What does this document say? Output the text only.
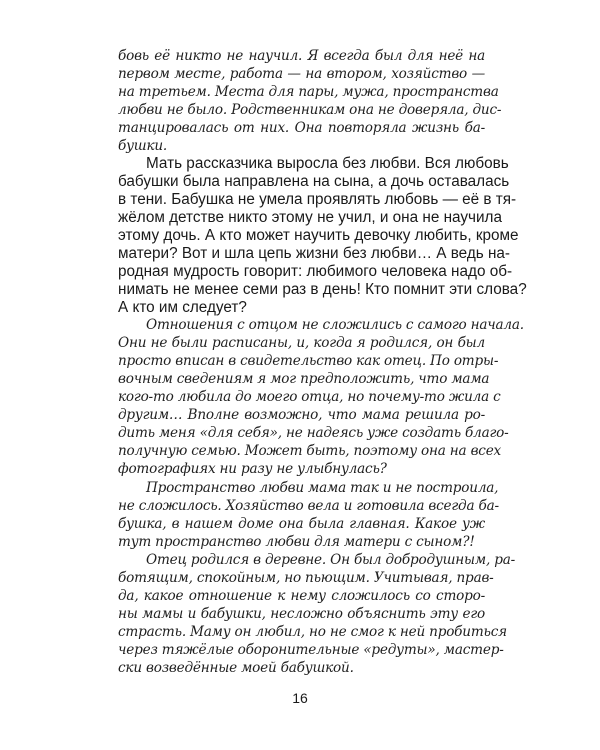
бовь её никто не научил. Я всегда был для неё на
первом месте, работа — на втором, хозяйство —
на третьем. Места для пары, мужа, пространства
любви не было. Родственникам она не доверяла, дис-
танцировалась от них. Она повторяла жизнь ба-
бушки.
Мать рассказчика выросла без любви. Вся любовь
бабушки была направлена на сына, а дочь оставалась
в тени. Бабушка не умела проявлять любовь — её в тя-
жёлом детстве никто этому не учил, и она не научила
этому дочь. А кто может научить девочку любить, кроме
матери? Вот и шла цепь жизни без любви… А ведь на-
родная мудрость говорит: любимого человека надо об-
нимать не менее семи раз в день! Кто помнит эти слова?
А кто им следует?
Отношения с отцом не сложились с самого начала.
Они не были расписаны, и, когда я родился, он был
просто вписан в свидетельство как отец. По отры-
вочным сведениям я мог предположить, что мама
кого-то любила до моего отца, но почему-то жила с
другим… Вполне возможно, что мама решила ро-
дить меня «для себя», не надеясь уже создать благо-
получную семью. Может быть, поэтому она на всех
фотографиях ни разу не улыбнулась?
Пространство любви мама так и не построила,
не сложилось. Хозяйство вела и готовила всегда ба-
бушка, в нашем доме она была главная. Какое уж
тут пространство любви для матери с сыном?!
Отец родился в деревне. Он был добродушным, ра-
ботящим, спокойным, но пьющим. Учитывая, прав-
да, какое отношение к нему сложилось со сторо-
ны мамы и бабушки, несложно объяснить эту его
страсть. Маму он любил, но не смог к ней пробиться
через тяжёлые оборонительные «редуты», мастер-
ски возведённые моей бабушкой.
16
